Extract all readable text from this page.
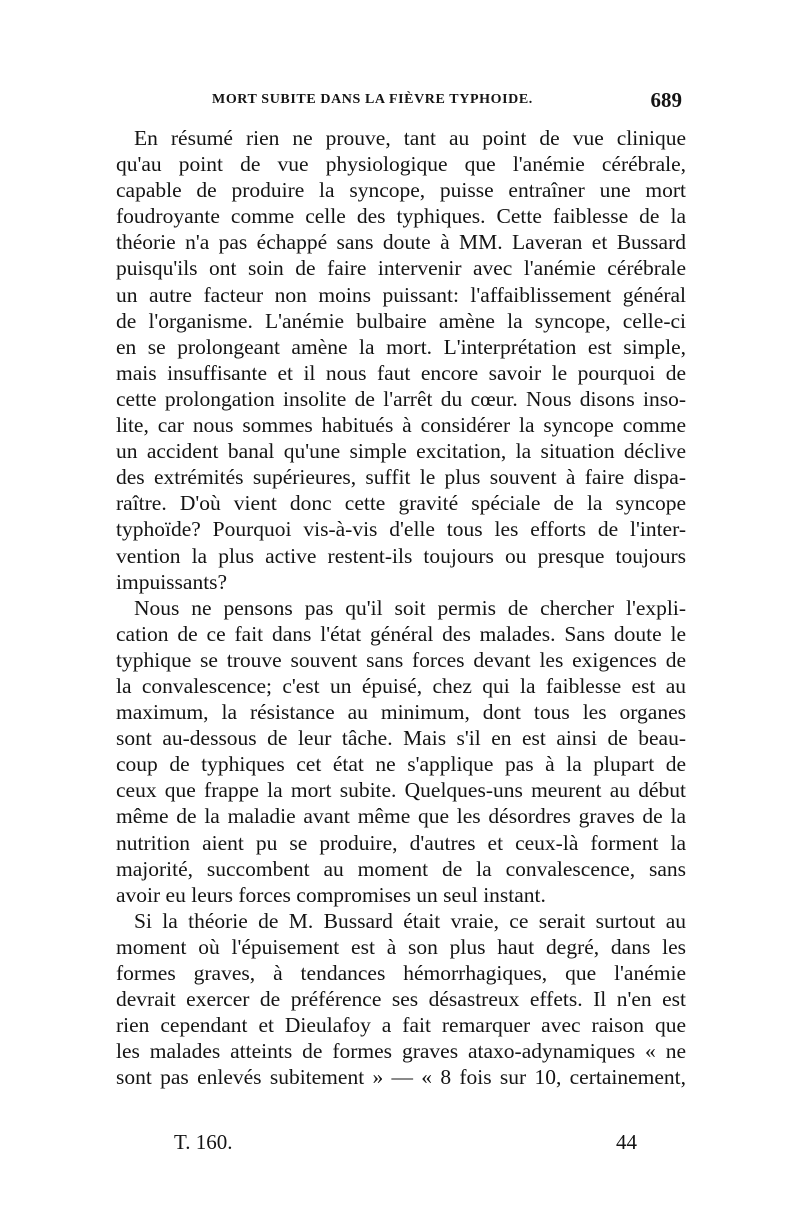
MORT SUBITE DANS LA FIÈVRE TYPHOIDE.	689
En résumé rien ne prouve, tant au point de vue clinique
qu'au point de vue physiologique que l'anémie cérébrale,
capable de produire la syncope, puisse entraîner une mort
foudroyante comme celle des typhiques. Cette faiblesse de la
théorie n'a pas échappé sans doute à MM. Laveran et Bussard
puisqu'ils ont soin de faire intervenir avec l'anémie cérébrale
un autre facteur non moins puissant: l'affaiblissement général
de l'organisme. L'anémie bulbaire amène la syncope, celle-ci
en se prolongeant amène la mort. L'interprétation est simple,
mais insuffisante et il nous faut encore savoir le pourquoi de
cette prolongation insolite de l'arrêt du cœur. Nous disons inso-
lite, car nous sommes habitués à considérer la syncope comme
un accident banal qu'une simple excitation, la situation déclive
des extrémités supérieures, suffit le plus souvent à faire dispa-
raître. D'où vient donc cette gravité spéciale de la syncope
typhoïde? Pourquoi vis-à-vis d'elle tous les efforts de l'inter-
vention la plus active restent-ils toujours ou presque toujours
impuissants?
Nous ne pensons pas qu'il soit permis de chercher l'expli-
cation de ce fait dans l'état général des malades. Sans doute le
typhique se trouve souvent sans forces devant les exigences de
la convalescence; c'est un épuisé, chez qui la faiblesse est au
maximum, la résistance au minimum, dont tous les organes
sont au-dessous de leur tâche. Mais s'il en est ainsi de beau-
coup de typhiques cet état ne s'applique pas à la plupart de
ceux que frappe la mort subite. Quelques-uns meurent au début
même de la maladie avant même que les désordres graves de la
nutrition aient pu se produire, d'autres et ceux-là forment la
majorité, succombent au moment de la convalescence, sans
avoir eu leurs forces compromises un seul instant.
Si la théorie de M. Bussard était vraie, ce serait surtout au
moment où l'épuisement est à son plus haut degré, dans les
formes graves, à tendances hémorrhagiques, que l'anémie
devrait exercer de préférence ses désastreux effets. Il n'en est
rien cependant et Dieulafoy a fait remarquer avec raison que
les malades atteints de formes graves ataxo-adynamiques « ne
sont pas enlevés subitement » — « 8 fois sur 10, certainement,
T. 160.	44
